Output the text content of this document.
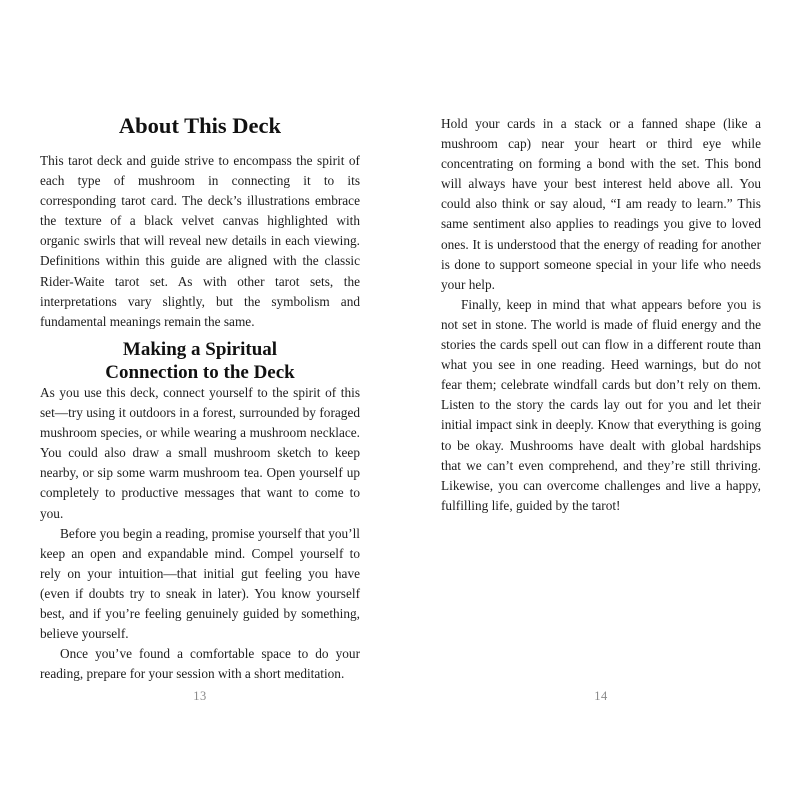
About This Deck

This tarot deck and guide strive to encompass the spirit of each type of mushroom in connecting it to its corresponding tarot card. The deck’s illustrations embrace the texture of a black velvet canvas highlighted with organic swirls that will reveal new details in each viewing. Definitions within this guide are aligned with the classic Rider-Waite tarot set. As with other tarot sets, the interpretations vary slightly, but the symbolism and fundamental meanings remain the same.

Making a Spiritual
Connection to the Deck

As you use this deck, connect yourself to the spirit of this set—try using it outdoors in a forest, surrounded by foraged mushroom species, or while wearing a mushroom necklace. You could also draw a small mushroom sketch to keep nearby, or sip some warm mushroom tea. Open yourself up completely to productive messages that want to come to you.

Before you begin a reading, promise yourself that you’ll keep an open and expandable mind. Compel yourself to rely on your intuition—that initial gut feeling you have (even if doubts try to sneak in later). You know yourself best, and if you’re feeling genuinely guided by something, believe yourself.

Once you’ve found a comfortable space to do your reading, prepare for your session with a short meditation.

13

Hold your cards in a stack or a fanned shape (like a mushroom cap) near your heart or third eye while concentrating on forming a bond with the set. This bond will always have your best interest held above all. You could also think or say aloud, “I am ready to learn.” This same sentiment also applies to readings you give to loved ones. It is understood that the energy of reading for another is done to support someone special in your life who needs your help.

Finally, keep in mind that what appears before you is not set in stone. The world is made of fluid energy and the stories the cards spell out can flow in a different route than what you see in one reading. Heed warnings, but do not fear them; celebrate windfall cards but don’t rely on them. Listen to the story the cards lay out for you and let their initial impact sink in deeply. Know that everything is going to be okay. Mushrooms have dealt with global hardships that we can’t even comprehend, and they’re still thriving. Likewise, you can overcome challenges and live a happy, fulfilling life, guided by the tarot!

14
